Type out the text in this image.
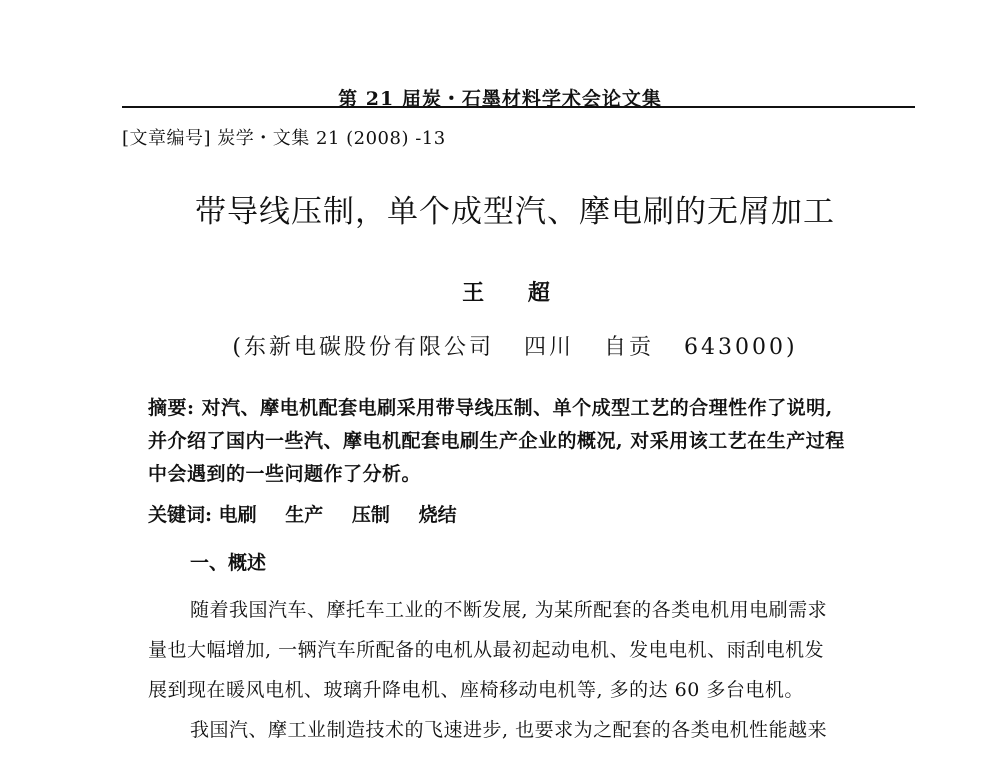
第 21 届炭・石墨材料学术会论文集
[文章编号] 炭学・文集 21 (2008) -13
带导线压制，单个成型汽、摩电刷的无屑加工
王 超
(东新电碳股份有限公司 四川 自贡 643000)
摘要: 对汽、摩电机配套电刷采用带导线压制、单个成型工艺的合理性作了说明,
并介绍了国内一些汽、摩电机配套电刷生产企业的概况, 对采用该工艺在生产过程
中会遇到的一些问题作了分析。
关键词: 电刷 生产 压制 烧结
一、概述
随着我国汽车、摩托车工业的不断发展, 为某所配套的各类电机用电刷需求
量也大幅增加, 一辆汽车所配备的电机从最初起动电机、发电电机、雨刮电机发
展到现在暖风电机、玻璃升降电机、座椅移动电机等, 多的达 60 多台电机。
我国汽、摩工业制造技术的飞速进步, 也要求为之配套的各类电机性能越来
